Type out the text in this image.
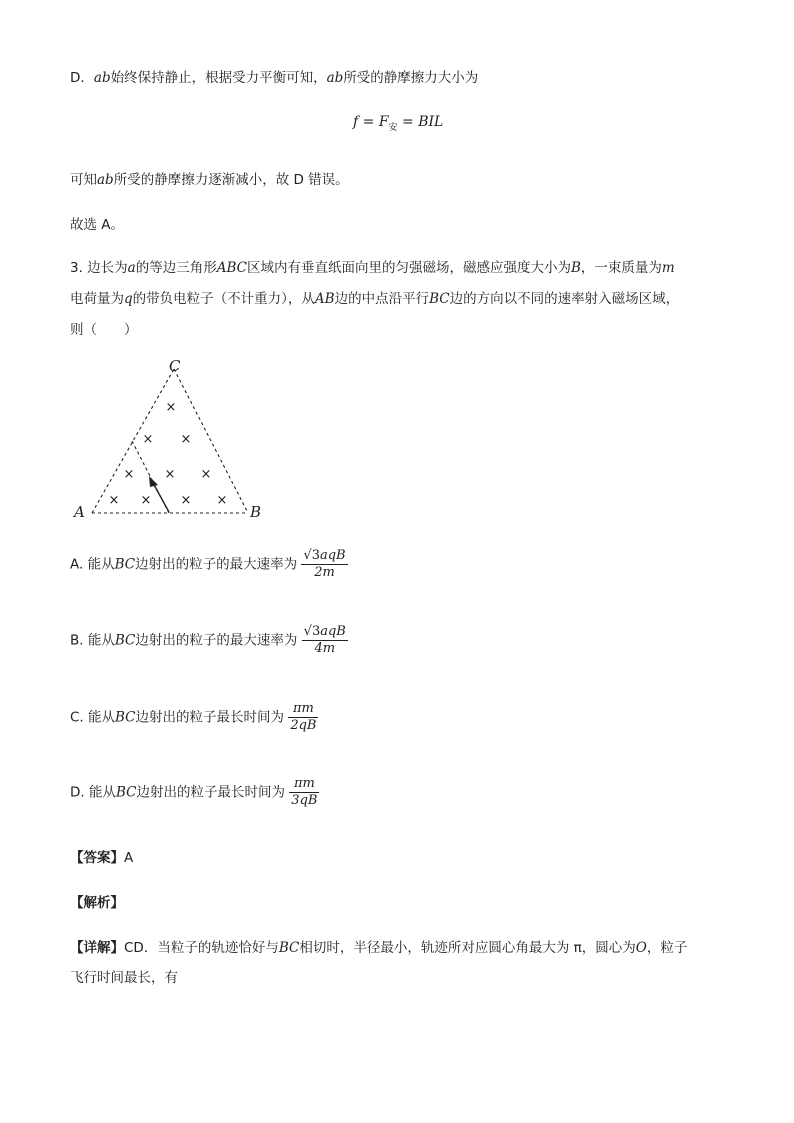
D．ab始终保持静止，根据受力平衡可知，ab所受的静摩擦力大小为
$f = F_安$ = BIL
可知ab所受的静摩擦力逐渐减小，故 D 错误。
故选 A。
3. 边长为a的等边三角形ABC区域内有垂直纸面向里的匀强磁场，磁感应强度大小为B，一束质量为m
电荷量为q的带负电粒子（不计重力），从AB边的中点沿平行BC边的方向以不同的速率射入磁场区域，
则（　　）
×
× ×
× × ×
× × × ×
A	B
C
A. 能从BC边射出的粒子的最大速率为 $\frac{\text{√3aqB}}{2m}$
B. 能从BC边射出的粒子的最大速率为 $\frac{\text{√3aqB}}{4m}$
C. 能从BC边射出的粒子最长时间为 $\frac{\pi m}{2qB}$
D. 能从BC边射出的粒子最长时间为 $\frac{\pi m}{3qB}$
【答案】A
【解析】
【详解】CD．当粒子的轨迹恰好与BC相切时，半径最小，轨迹所对应圆心角最大为 π，圆心为O，粒子
飞行时间最长，有
